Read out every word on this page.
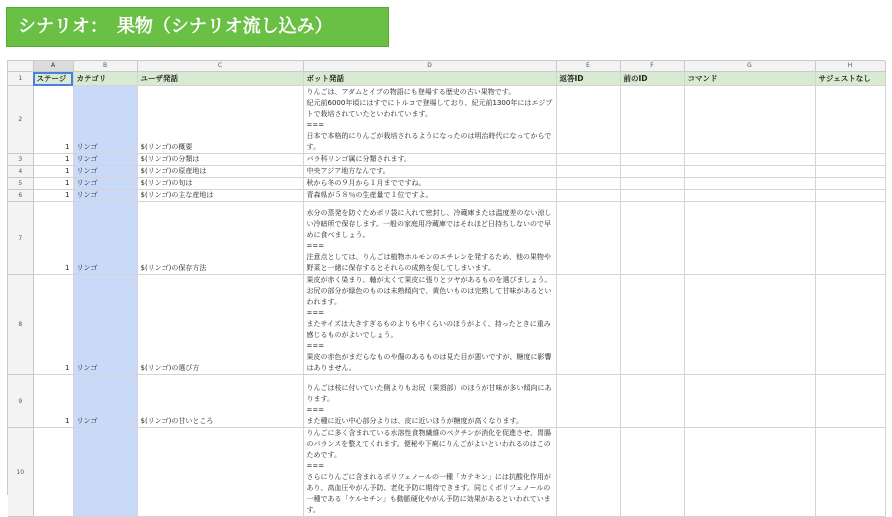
シナリオ：　果物（シナリオ流し込み）
	A	B	C	D	E	F	G	H
1	ステージ	カテゴリ	ユーザ発話	ボット発話	返答ID	前のID	コマンド	サジェストなし
2	1	リンゴ	$(リンゴ)の概要	りんごは、アダムとイブの物語にも登場する歴史の古い果物です。
紀元前6000年頃にはすでにトルコで登場しており、紀元前1300年にはエジプトで栽培されていたといわれています。
===
日本で本格的にりんごが栽培されるようになったのは明治時代になってからです。				
3	1	リンゴ	$(リンゴ)の分類は	バラ科リンゴ属に分類されます。				
4	1	リンゴ	$(リンゴ)の原産地は	中央アジア地方なんです。				
5	1	リンゴ	$(リンゴ)の旬は	秋から冬の９月から１月までですね。				
6	1	リンゴ	$(リンゴ)の主な産地は	青森県が５８％の生産量で１位ですよ。				
7	1	リンゴ	$(リンゴ)の保存方法	水分の蒸発を防ぐためポリ袋に入れて密封し、冷蔵庫または温度差のない涼しい冷暗所で保存します。一般の家庭用冷蔵庫ではそれほど日持ちしないので早めに食べましょう。
===
注意点としては、りんごは植物ホルモンのエチレンを発するため、他の果物や野菜と一緒に保存するとそれらの成熟を促してしまいます。				
8	1	リンゴ	$(リンゴ)の選び方	果皮が赤く染まり、軸が太くて果皮に張りとツヤがあるものを選びましょう。お尻の部分が緑色のものは未熟傾向で、黄色いものは完熟して甘味があるといわれます。
===
またサイズは大きすぎるものよりも中くらいのほうがよく、持ったときに重み感じるものがよいでしょう。
===
果皮の赤色がまだらなものや傷のあるものは見た目が悪いですが、糖度に影響はありません。				
9	1	リンゴ	$(リンゴ)の甘いところ	りんごは枝に付いていた側よりもお尻（果頂部）のほうが甘味が多い傾向にあります。
===
また種に近い中心部分よりは、皮に近いほうが糖度が高くなります。				
10				りんごに多く含まれている水溶性食物繊維のペクチンが消化を促進させ、胃腸のバランスを整えてくれます。便秘や下痢にりんごがよいといわれるのはこのためです。
===
さらにりんごに含まれるポリフェノールの一種「カテキン」には抗酸化作用があり、高血圧やがん予防、老化予防に期待できます。同じくポリフェノールの一種である「ケルセチン」も動脈硬化やがん予防に効果があるといわれています。				
